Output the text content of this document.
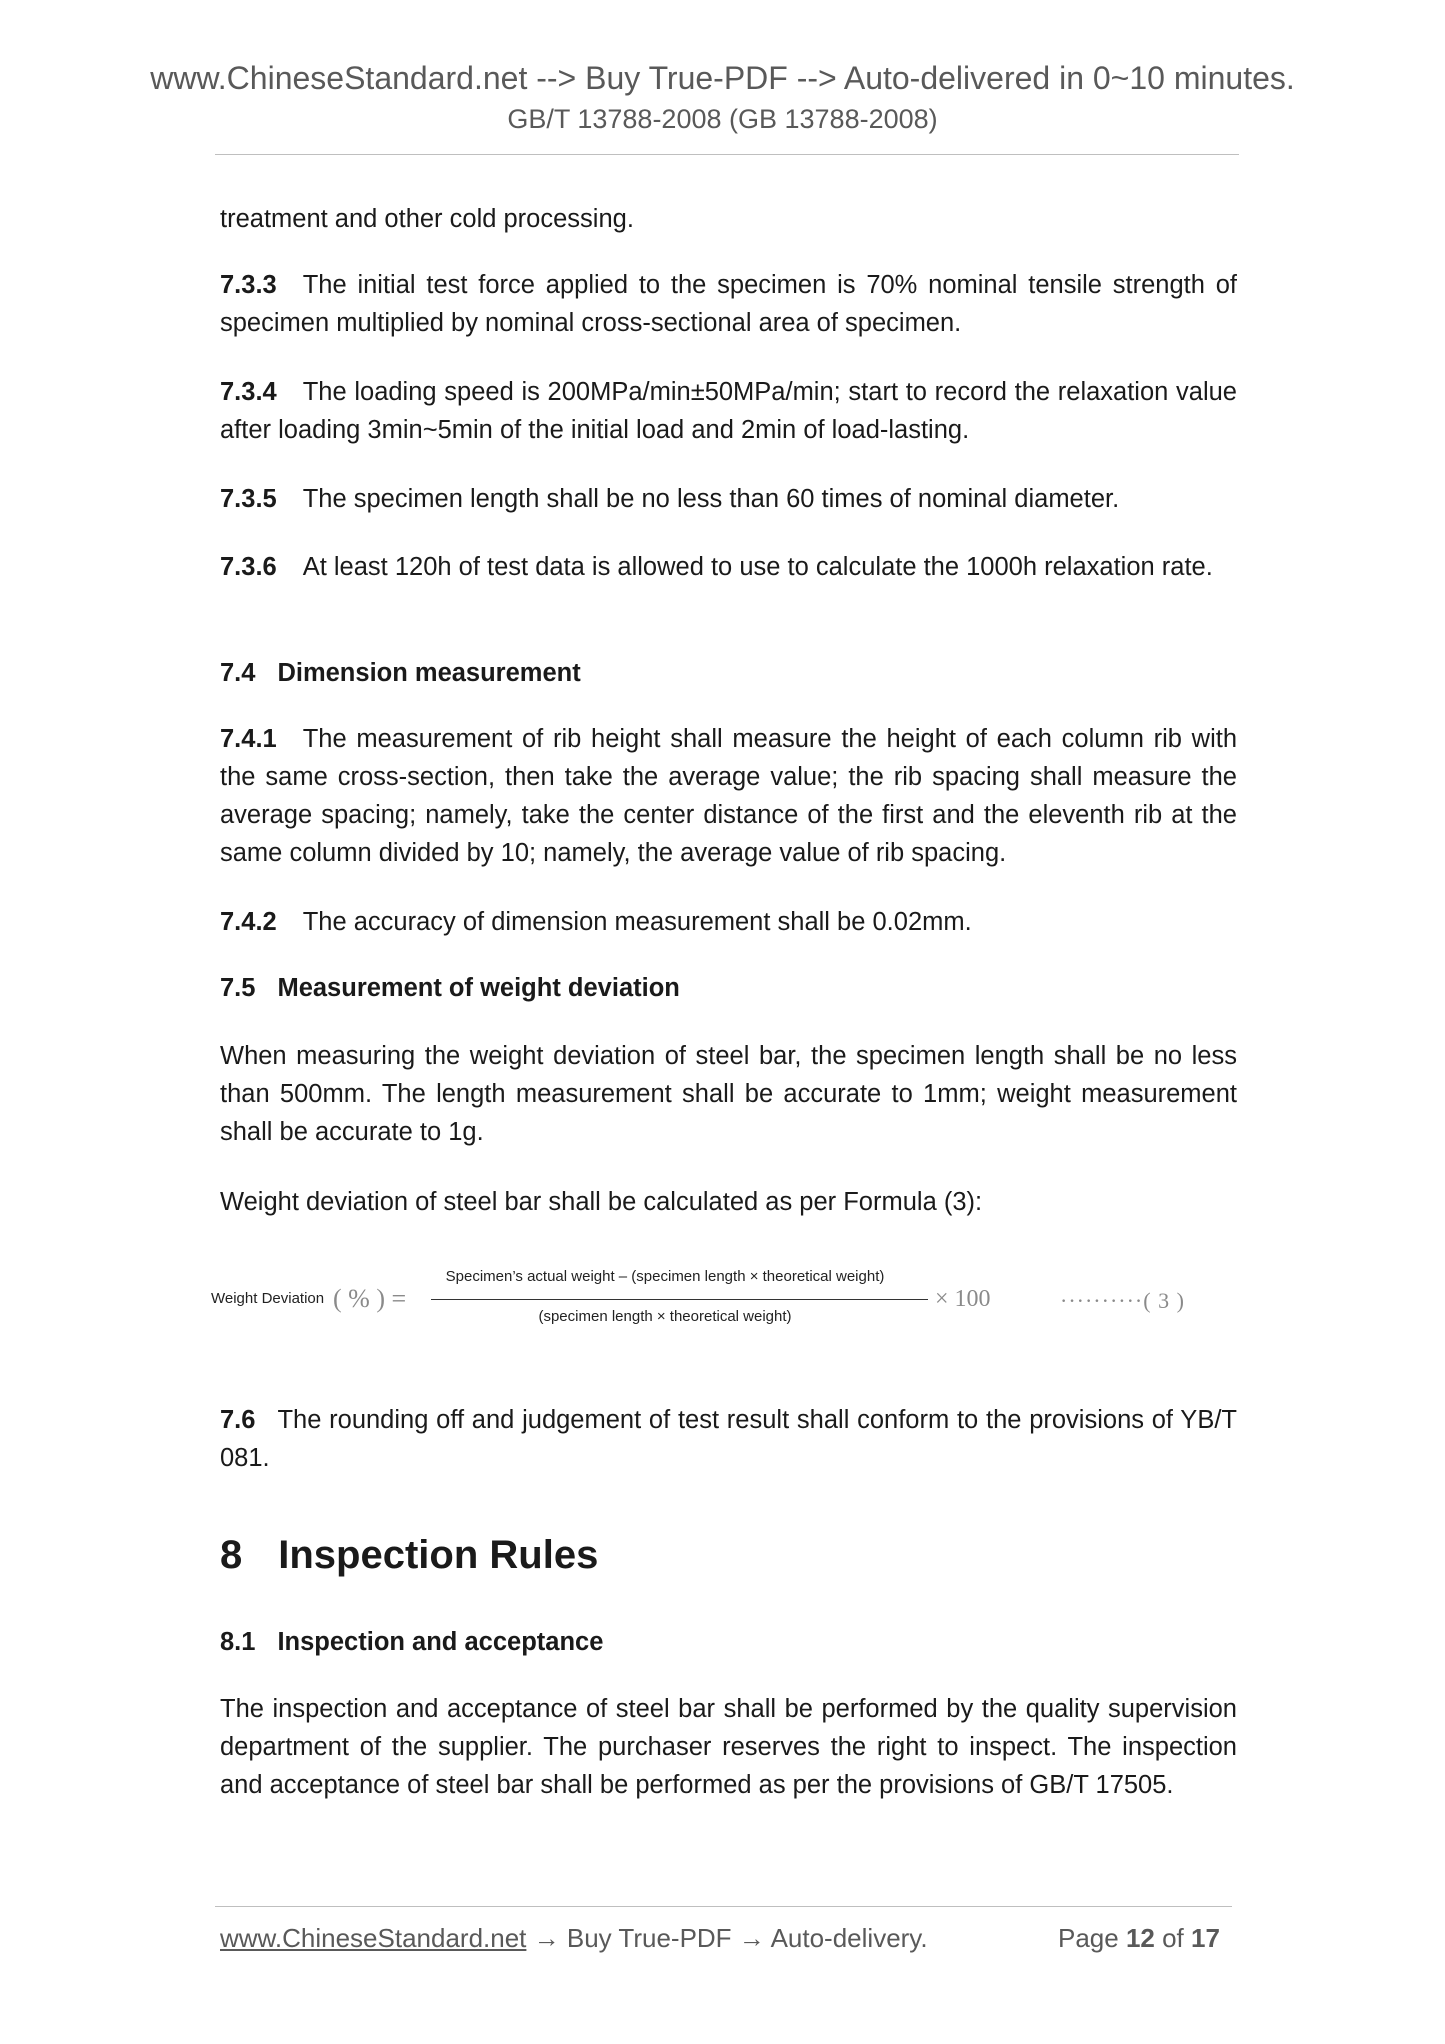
www.ChineseStandard.net --> Buy True-PDF --> Auto-delivered in 0~10 minutes.
GB/T 13788-2008 (GB 13788-2008)

treatment and other cold processing.

7.3.3 The initial test force applied to the specimen is 70% nominal tensile strength of specimen multiplied by nominal cross-sectional area of specimen.

7.3.4 The loading speed is 200MPa/min±50MPa/min; start to record the relaxation value after loading 3min~5min of the initial load and 2min of load-lasting.

7.3.5 The specimen length shall be no less than 60 times of nominal diameter.

7.3.6 At least 120h of test data is allowed to use to calculate the 1000h relaxation rate.

7.4 Dimension measurement

7.4.1 The measurement of rib height shall measure the height of each column rib with the same cross-section, then take the average value; the rib spacing shall measure the average spacing; namely, take the center distance of the first and the eleventh rib at the same column divided by 10; namely, the average value of rib spacing.

7.4.2 The accuracy of dimension measurement shall be 0.02mm.

7.5 Measurement of weight deviation

When measuring the weight deviation of steel bar, the specimen length shall be no less than 500mm. The length measurement shall be accurate to 1mm; weight measurement shall be accurate to 1g.

Weight deviation of steel bar shall be calculated as per Formula (3):

Weight Deviation ( % ) =
Specimen’s actual weight – (specimen length × theoretical weight)
(specimen length × theoretical weight)
× 100	··········( 3 )

7.6 The rounding off and judgement of test result shall conform to the provisions of YB/T 081.

8 Inspection Rules

8.1 Inspection and acceptance

The inspection and acceptance of steel bar shall be performed by the quality supervision department of the supplier. The purchaser reserves the right to inspect. The inspection and acceptance of steel bar shall be performed as per the provisions of GB/T 17505.

www.ChineseStandard.net → Buy True-PDF → Auto-delivery.	Page 12 of 17
